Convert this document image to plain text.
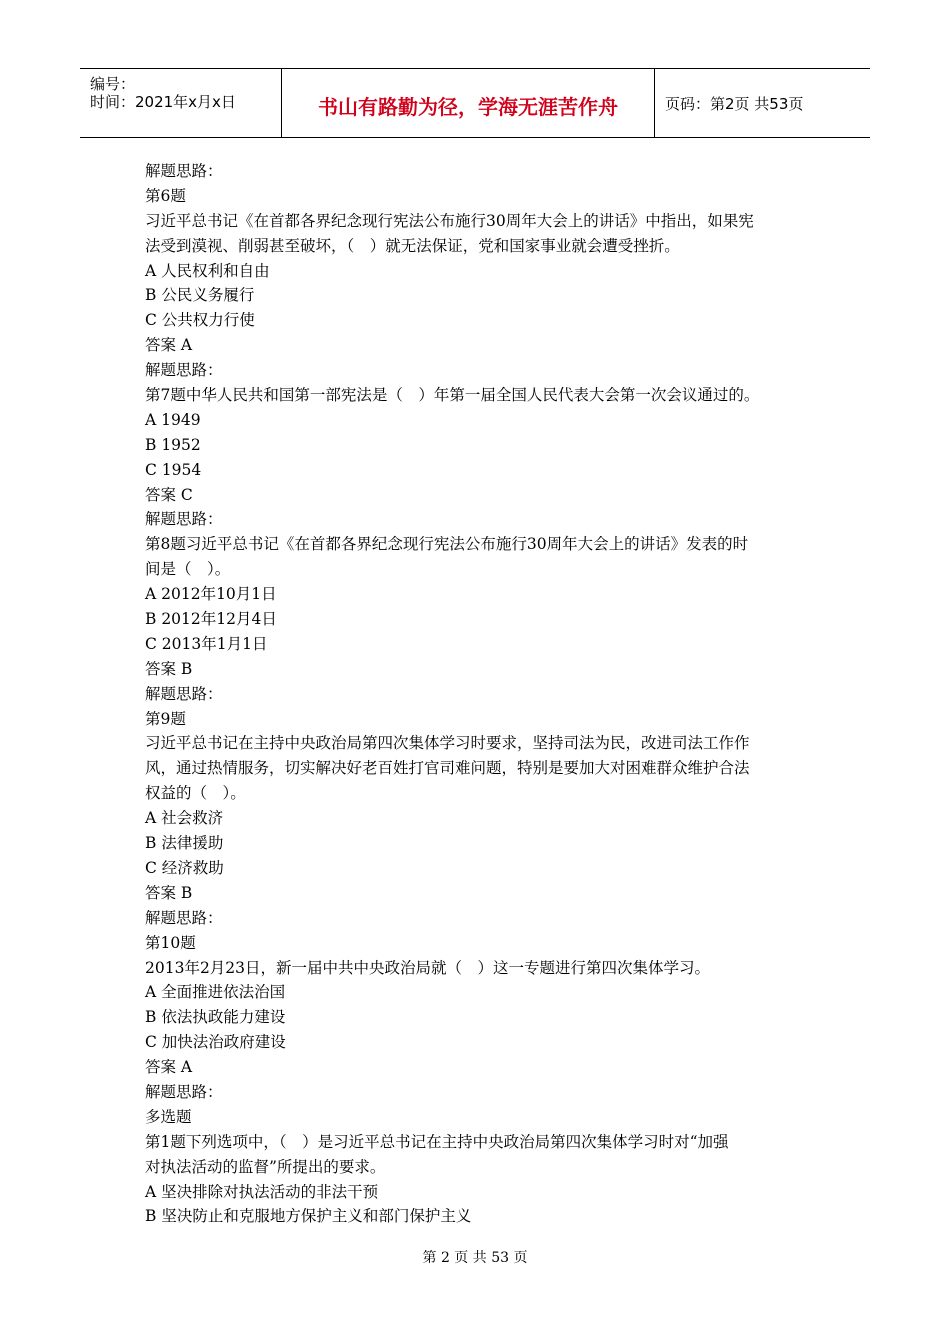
编号：
时间：2021年x月x日	书山有路勤为径，学海无涯苦作舟	页码：第2页 共53页
解题思路：
第6题
习近平总书记《在首都各界纪念现行宪法公布施行30周年大会上的讲话》中指出，如果宪
法受到漠视、削弱甚至破坏，（　）就无法保证，党和国家事业就会遭受挫折。
A 人民权利和自由
B 公民义务履行
C 公共权力行使
答案 A
解题思路：
第7题中华人民共和国第一部宪法是（　）年第一届全国人民代表大会第一次会议通过的。
A 1949
B 1952
C 1954
答案 C
解题思路：
第8题习近平总书记《在首都各界纪念现行宪法公布施行30周年大会上的讲话》发表的时
间是（　）。
A 2012年10月1日
B 2012年12月4日
C 2013年1月1日
答案 B
解题思路：
第9题
习近平总书记在主持中央政治局第四次集体学习时要求，坚持司法为民，改进司法工作作
风，通过热情服务，切实解决好老百姓打官司难问题，特别是要加大对困难群众维护合法
权益的（　）。
A 社会救济
B 法律援助
C 经济救助
答案 B
解题思路：
第10题
2013年2月23日，新一届中共中央政治局就（　）这一专题进行第四次集体学习。
A 全面推进依法治国
B 依法执政能力建设
C 加快法治政府建设
答案 A
解题思路：
多选题
第1题下列选项中，（　）是习近平总书记在主持中央政治局第四次集体学习时对“加强
对执法活动的监督”所提出的要求。
A 坚决排除对执法活动的非法干预
B 坚决防止和克服地方保护主义和部门保护主义
第 2 页 共 53 页
